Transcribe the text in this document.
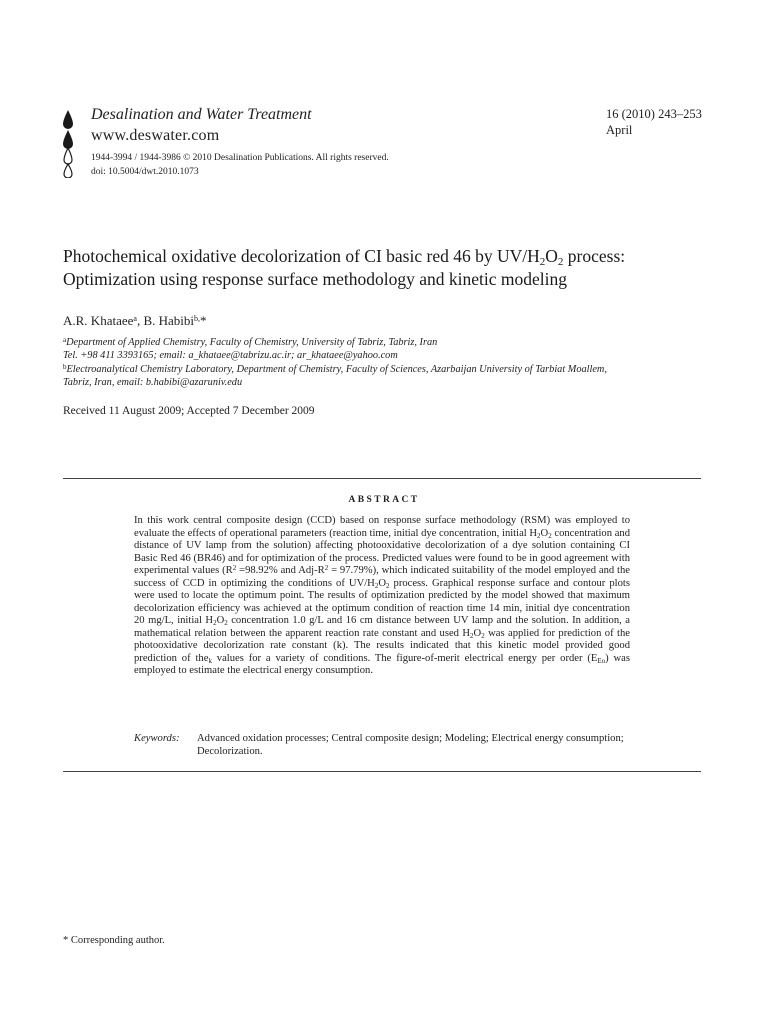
Desalination and Water Treatment
www.deswater.com
1944-3994 / 1944-3986 © 2010 Desalination Publications. All rights reserved.
doi: 10.5004/dwt.2010.1073
16 (2010) 243–253
April
Photochemical oxidative decolorization of CI basic red 46 by $UV/H_2O_2$ process:
Optimization using response surface methodology and kinetic modeling
A.R. Khataee$^a$, B. Habibi$^{b,}$*
$^a$Department of Applied Chemistry, Faculty of Chemistry, University of Tabriz, Tabriz, Iran
Tel. +98 411 3393165; email: a_khataee@tabrizu.ac.ir; ar_khataee@yahoo.com
$^b$Electroanalytical Chemistry Laboratory, Department of Chemistry, Faculty of Sciences, Azarbaijan University of Tarbiat Moallem,
Tabriz, Iran, email: b.habibi@azaruniv.edu
Received 11 August 2009; Accepted 7 December 2009
ABSTRACT
In this work central composite design (CCD) based on response surface methodology (RSM) was employed to evaluate the effects of operational parameters (reaction time, initial dye concentration, initial $H_2O_2$ concentration and distance of UV lamp from the solution) affecting photooxidative decolorization of a dye solution containing CI Basic Red 46 (BR46) and for optimization of the process. Predicted values were found to be in good agreement with experimental values ($R^2 =98.92\%$ and Adj-$R^2 = 97.79\%$), which indicated suitability of the model employed and the success of CCD in optimizing the conditions of $UV/H_2O_2$ process. Graphical response surface and contour plots were used to locate the optimum point. The results of optimization predicted by the model showed that maximum decolorization efficiency was achieved at the optimum condition of reaction time 14 min, initial dye concentration 20 mg/L, initial $H_2O_2$ concentration 1.0 g/L and 16 cm distance between UV lamp and the solution. In addition, a mathematical relation between the apparent reaction rate constant and used $H_2O_2$ was applied for prediction of the photooxidative decolorization rate constant (k). The results indicated that this kinetic model provided good prediction of the$_k$ values for a variety of conditions. The figure-of-merit electrical energy per order $(E_{Eo})$ was employed to estimate the electrical energy consumption.
Keywords: Advanced oxidation processes; Central composite design; Modeling; Electrical energy consumption; Decolorization.
* Corresponding author.
